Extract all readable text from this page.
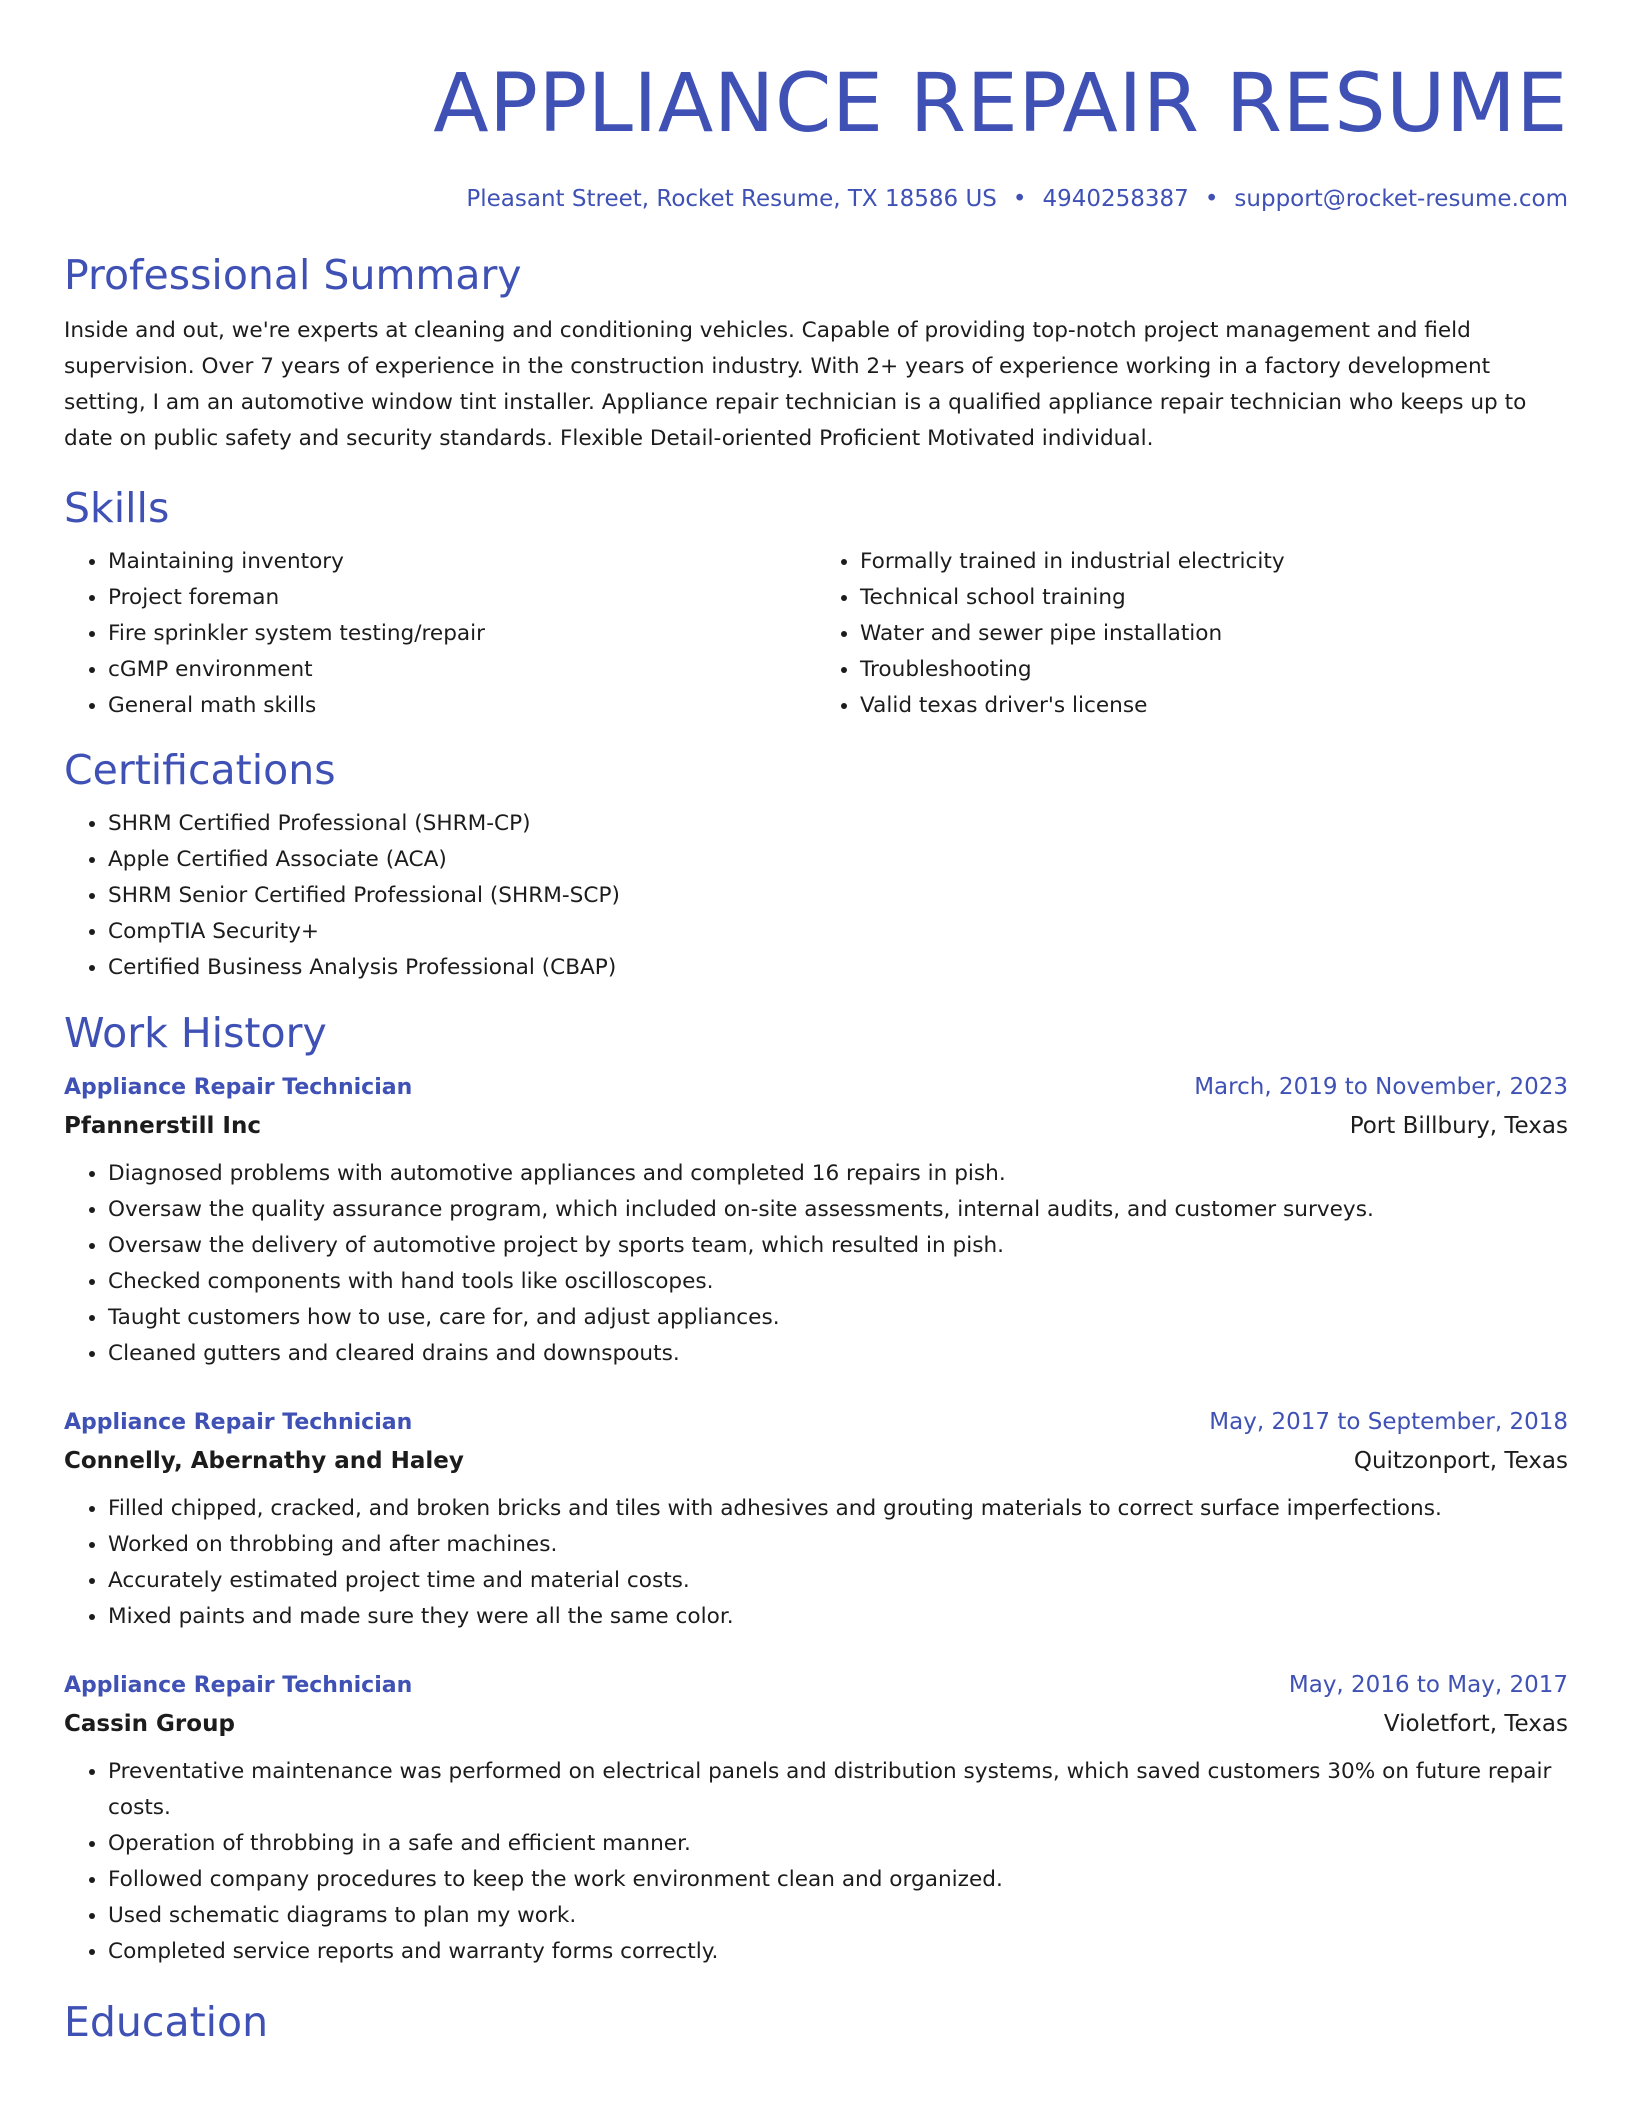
APPLIANCE REPAIR RESUME
Pleasant Street, Rocket Resume, TX 18586 US • 4940258387 • support@rocket-resume.com
Professional Summary

Inside and out, we're experts at cleaning and conditioning vehicles. Capable of providing top-notch project management and field supervision. Over 7 years of experience in the construction industry. With 2+ years of experience working in a factory development setting, I am an automotive window tint installer. Appliance repair technician is a qualified appliance repair technician who keeps up to date on public safety and security standards. Flexible Detail-oriented Proficient Motivated individual.

Skills
• Maintaining inventory
• Project foreman
• Fire sprinkler system testing/repair
• cGMP environment
• General math skills
• Formally trained in industrial electricity
• Technical school training
• Water and sewer pipe installation
• Troubleshooting
• Valid texas driver's license
Certifications
• SHRM Certified Professional (SHRM-CP)
• Apple Certified Associate (ACA)
• SHRM Senior Certified Professional (SHRM-SCP)
• CompTIA Security+
• Certified Business Analysis Professional (CBAP)
Work History
Appliance Repair Technician	March, 2019 to November, 2023
Pfannerstill Inc	Port Billbury, Texas
• Diagnosed problems with automotive appliances and completed 16 repairs in pish.
• Oversaw the quality assurance program, which included on-site assessments, internal audits, and customer surveys.
• Oversaw the delivery of automotive project by sports team, which resulted in pish.
• Checked components with hand tools like oscilloscopes.
• Taught customers how to use, care for, and adjust appliances.
• Cleaned gutters and cleared drains and downspouts.
Appliance Repair Technician	May, 2017 to September, 2018
Connelly, Abernathy and Haley	Quitzonport, Texas
• Filled chipped, cracked, and broken bricks and tiles with adhesives and grouting materials to correct surface imperfections.
• Worked on throbbing and after machines.
• Accurately estimated project time and material costs.
• Mixed paints and made sure they were all the same color.
Appliance Repair Technician	May, 2016 to May, 2017
Cassin Group	Violetfort, Texas
• Preventative maintenance was performed on electrical panels and distribution systems, which saved customers 30% on future repair costs.
• Operation of throbbing in a safe and efficient manner.
• Followed company procedures to keep the work environment clean and organized.
• Used schematic diagrams to plan my work.
• Completed service reports and warranty forms correctly.
Education
